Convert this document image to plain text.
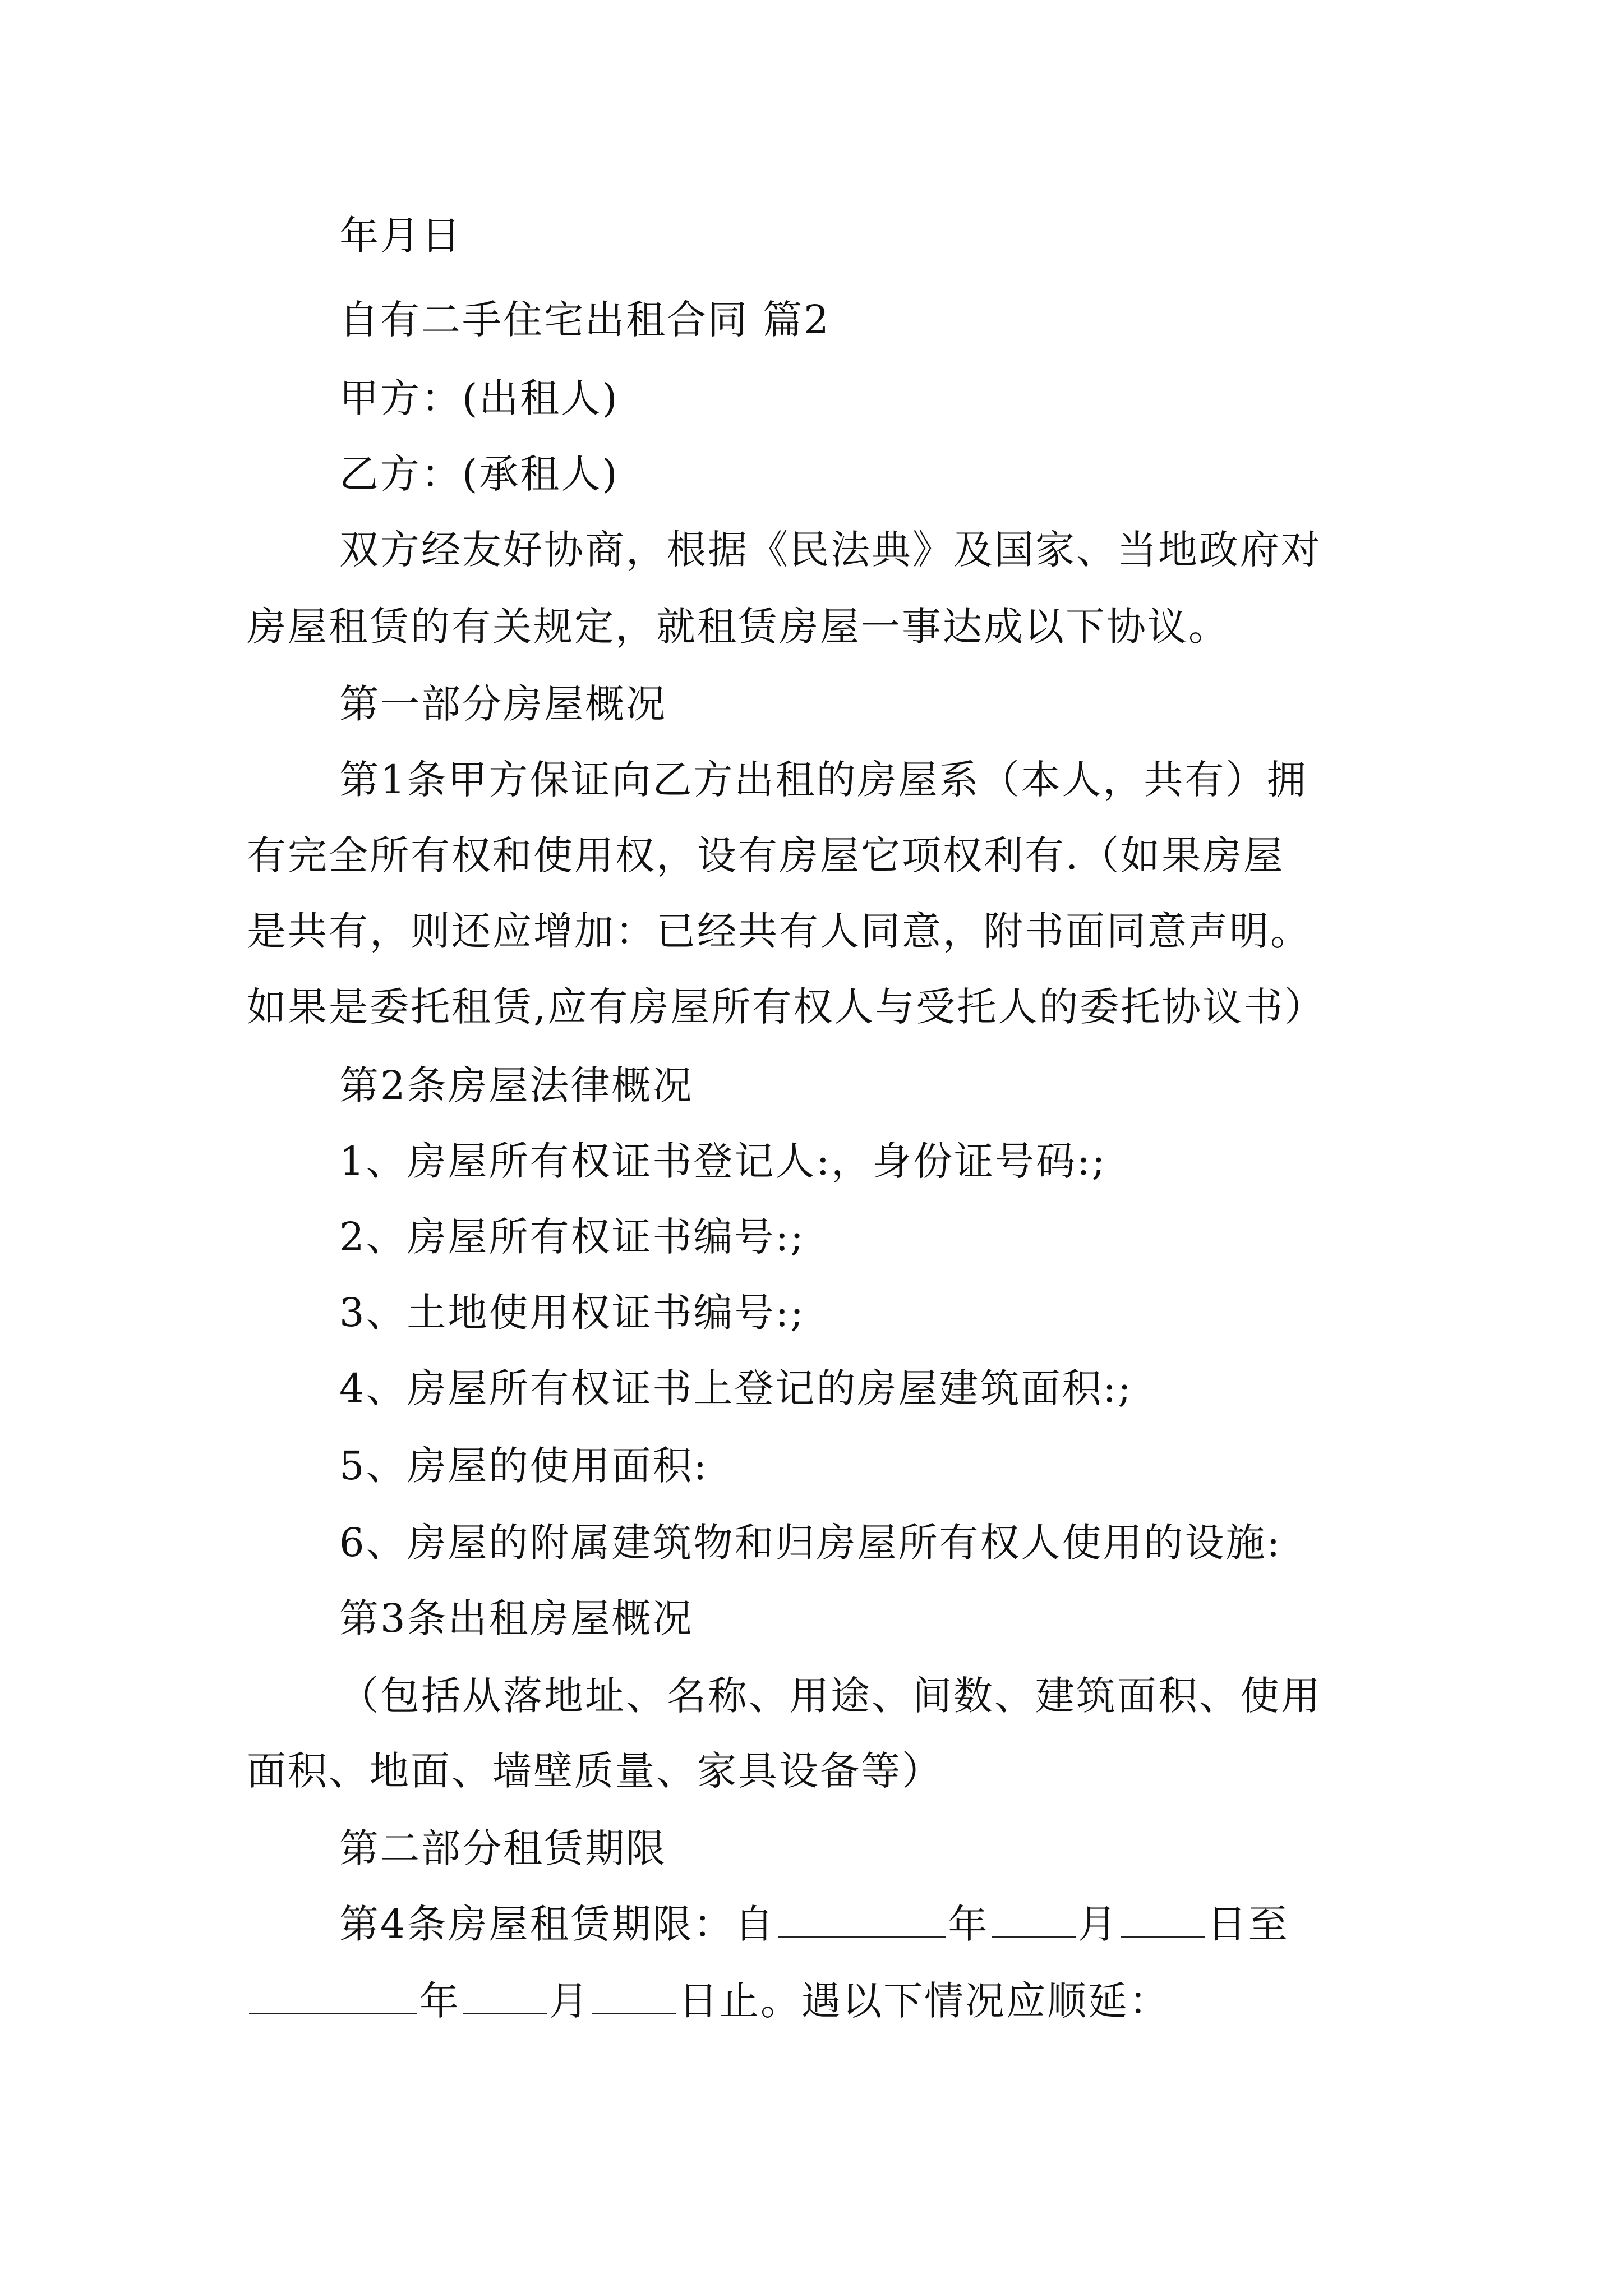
年月日
自有二手住宅出租合同 篇2
甲方：(出租人)
乙方：(承租人)
双方经友好协商，根据《民法典》及国家、当地政府对
房屋租赁的有关规定，就租赁房屋一事达成以下协议。
第一部分房屋概况
第1条甲方保证向乙方出租的房屋系（本人，共有）拥
有完全所有权和使用权，设有房屋它项权利有.（如果房屋
是共有，则还应增加：已经共有人同意，附书面同意声明。
如果是委托租赁,应有房屋所有权人与受托人的委托协议书）
第2条房屋法律概况
1、房屋所有权证书登记人:，身份证号码:;
2、房屋所有权证书编号:;
3、土地使用权证书编号:;
4、房屋所有权证书上登记的房屋建筑面积:;
5、房屋的使用面积:
6、房屋的附属建筑物和归房屋所有权人使用的设施:
第3条出租房屋概况
（包括从落地址、名称、用途、间数、建筑面积、使用
面积、地面、墙壁质量、家具设备等）
第二部分租赁期限
第4条房屋租赁期限：自	年 月 日至
年 月 日止。遇以下情况应顺延：
